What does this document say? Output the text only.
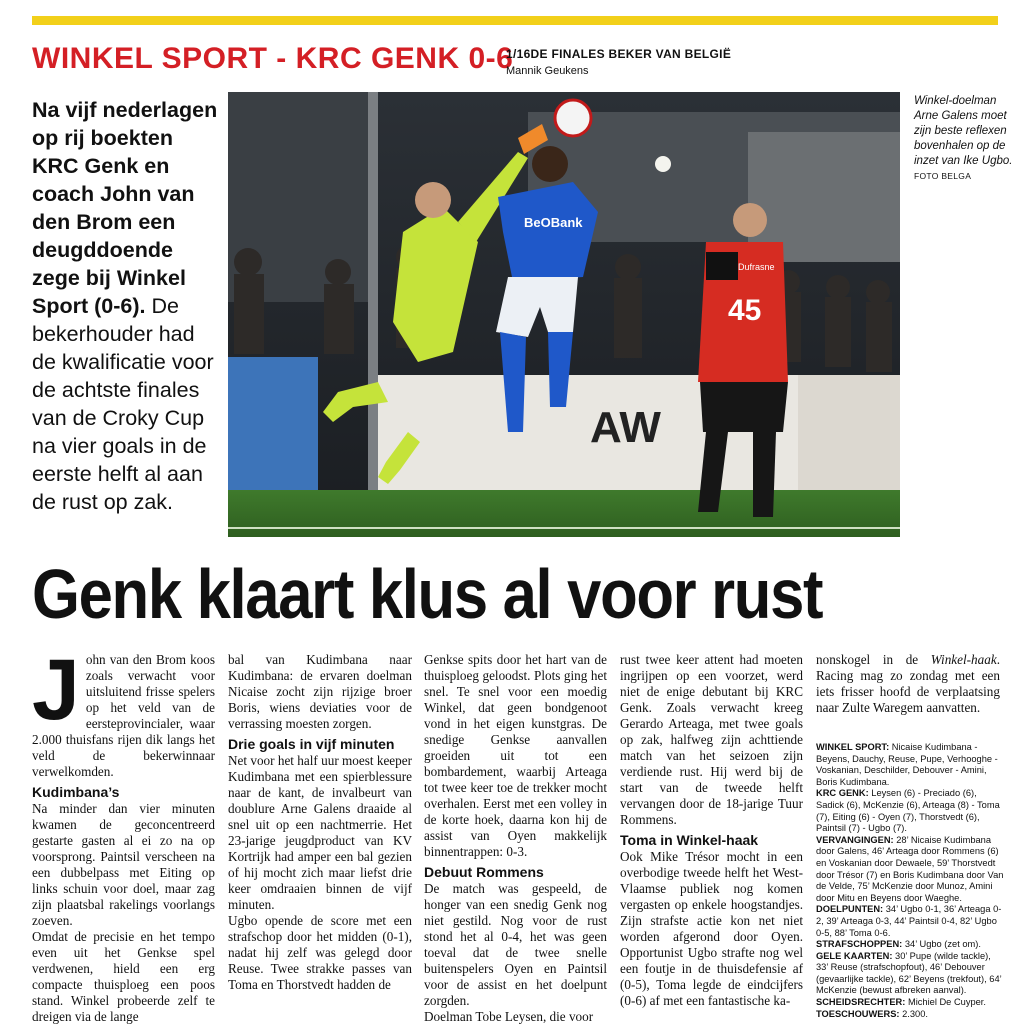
WINKEL SPORT - KRC GENK 0-6
1/16DE FINALES BEKER VAN BELGIË
Mannik Geukens
Na vijf nederlagen op rij boekten KRC Genk en coach John van den Brom een deugddoende zege bij Winkel Sport (0-6). De bekerhouder had de kwalificatie voor de achtste finales van de Croky Cup na vier goals in de eerste helft al aan de rust op zak.
AW
BeOBank
Dufrasne
45
Winkel-doelman Arne Galens moet zijn beste reflexen bovenhalen op de inzet van Ike Ugbo.
FOTO BELGA
Genk klaart klus al voor rust
J ohn van den Brom koos zoals verwacht voor uitsluitend frisse spelers op het veld van de eersteprovincialer, waar 2.000 thuisfans rijen dik langs het veld de bekerwinnaar verwelkomden.

Kudimbana’s

Na minder dan vier minuten kwamen de geconcentreerd gestarte gasten al ei zo na op voorsprong. Paintsil verscheen na een dubbelpass met Eiting op links schuin voor doel, maar zag zijn plaatsbal rakelings voorlangs zoeven.

Omdat de precisie en het tempo even uit het Genkse spel verdwenen, hield een erg compacte thuisploeg een poos stand. Winkel probeerde zelf te dreigen via de lange

bal van Kudimbana naar Kudimbana: de ervaren doelman Nicaise zocht zijn rijzige broer Boris, wiens deviaties voor de verrassing moesten zorgen.

Drie goals in vijf minuten

Net voor het half uur moest keeper Kudimbana met een spierblessure naar de kant, de invalbeurt van doublure Arne Galens draaide al snel uit op een nachtmerrie. Het 23-jarige jeugdproduct van KV Kortrijk had amper een bal gezien of hij mocht zich maar liefst drie keer omdraaien binnen de vijf minuten.

Ugbo opende de score met een strafschop door het midden (0-1), nadat hij zelf was gelegd door Reuse. Twee strakke passes van Toma en Thorstvedt hadden de

Genkse spits door het hart van de thuisploeg geloodst. Plots ging het snel. Te snel voor een moedig Winkel, dat geen bondgenoot vond in het eigen kunstgras. De snedige Genkse aanvallen groeiden uit tot een bombardement, waarbij Arteaga tot twee keer toe de trekker mocht overhalen. Eerst met een volley in de korte hoek, daarna kon hij de assist van Oyen makkelijk binnentrappen: 0-3.

Debuut Rommens

De match was gespeeld, de honger van een snedig Genk nog niet gestild. Nog voor de rust stond het al 0-4, het was geen toeval dat de twee snelle buitenspelers Oyen en Paintsil voor de assist en het doelpunt zorgden.

Doelman Tobe Leysen, die voor

rust twee keer attent had moeten ingrijpen op een voorzet, werd niet de enige debutant bij KRC Genk. Zoals verwacht kreeg Gerardo Arteaga, met twee goals op zak, halfweg zijn achttiende match van het seizoen zijn verdiende rust. Hij werd bij de start van de tweede helft vervangen door de 18-jarige Tuur Rommens.

Toma in Winkel-haak

Ook Mike Trésor mocht in een overbodige tweede helft het West-Vlaamse publiek nog komen vergasten op enkele hoogstandjes. Zijn strafste actie kon net niet worden afgerond door Oyen. Opportunist Ugbo strafte nog wel een foutje in de thuisdefensie af (0-5), Toma legde de eindcijfers (0-6) af met een fantastische ka-

nonskogel in de Winkel-haak. Racing mag zo zondag met een iets frisser hoofd de verplaatsing naar Zulte Waregem aanvatten.

WINKEL SPORT: Nicaise Kudimbana - Beyens, Dauchy, Reuse, Pupe, Verhooghe - Voskanian, Deschilder, Debouver - Amini, Boris Kudimbana.

KRC GENK: Leysen (6) - Preciado (6), Sadick (6), McKenzie (6), Arteaga (8) - Toma (7), Eiting (6) - Oyen (7), Thorstvedt (6), Paintsil (7) - Ugbo (7).

VERVANGINGEN: 28’ Nicaise Kudimbana door Galens, 46’ Arteaga door Rommens (6) en Voskanian door Dewaele, 59’ Thorstvedt door Trésor (7) en Boris Kudimbana door Van de Velde, 75’ McKenzie door Munoz, Amini door Mitu en Beyens door Waeghe.

DOELPUNTEN: 34’ Ugbo 0-1, 36’ Arteaga 0-2, 39’ Arteaga 0-3, 44’ Paintsil 0-4, 82’ Ugbo 0-5, 88’ Toma 0-6.

STRAFSCHOPPEN: 34’ Ugbo (zet om).

GELE KAARTEN: 30’ Pupe (wilde tackle), 33’ Reuse (strafschopfout), 46’ Debouver (gevaarlijke tackle), 62’ Beyens (trekfout), 64’ McKenzie (bewust afbreken aanval).

SCHEIDSRECHTER: Michiel De Cuyper.

TOESCHOUWERS: 2.300.
